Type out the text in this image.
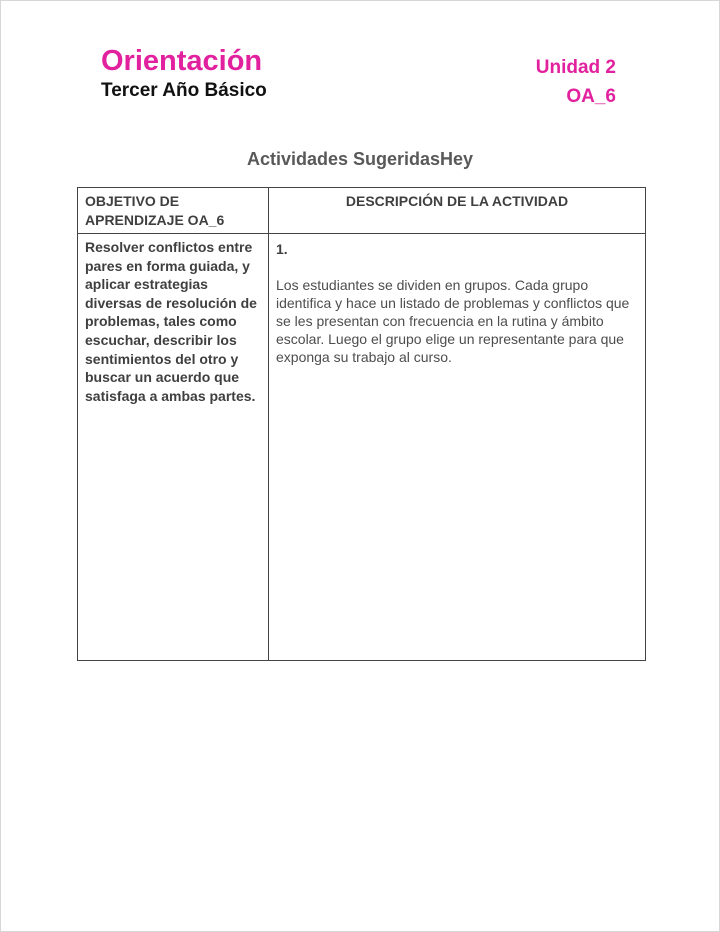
Orientación
Tercer Año Básico
Unidad 2
OA_6
Actividades SugeridasHey
OBJETIVO DE APRENDIZAJE OA_6
DESCRIPCIÓN DE LA ACTIVIDAD
Resolver conflictos entre pares en forma guiada, y aplicar estrategias diversas de resolución de problemas, tales como escuchar, describir los sentimientos del otro y buscar un acuerdo que satisfaga a ambas partes.
1.
Los estudiantes se dividen en grupos. Cada grupo identifica y hace un listado de problemas y conflictos que se les presentan con frecuencia en la rutina y ámbito escolar. Luego el grupo elige un representante para que exponga su trabajo al curso.
